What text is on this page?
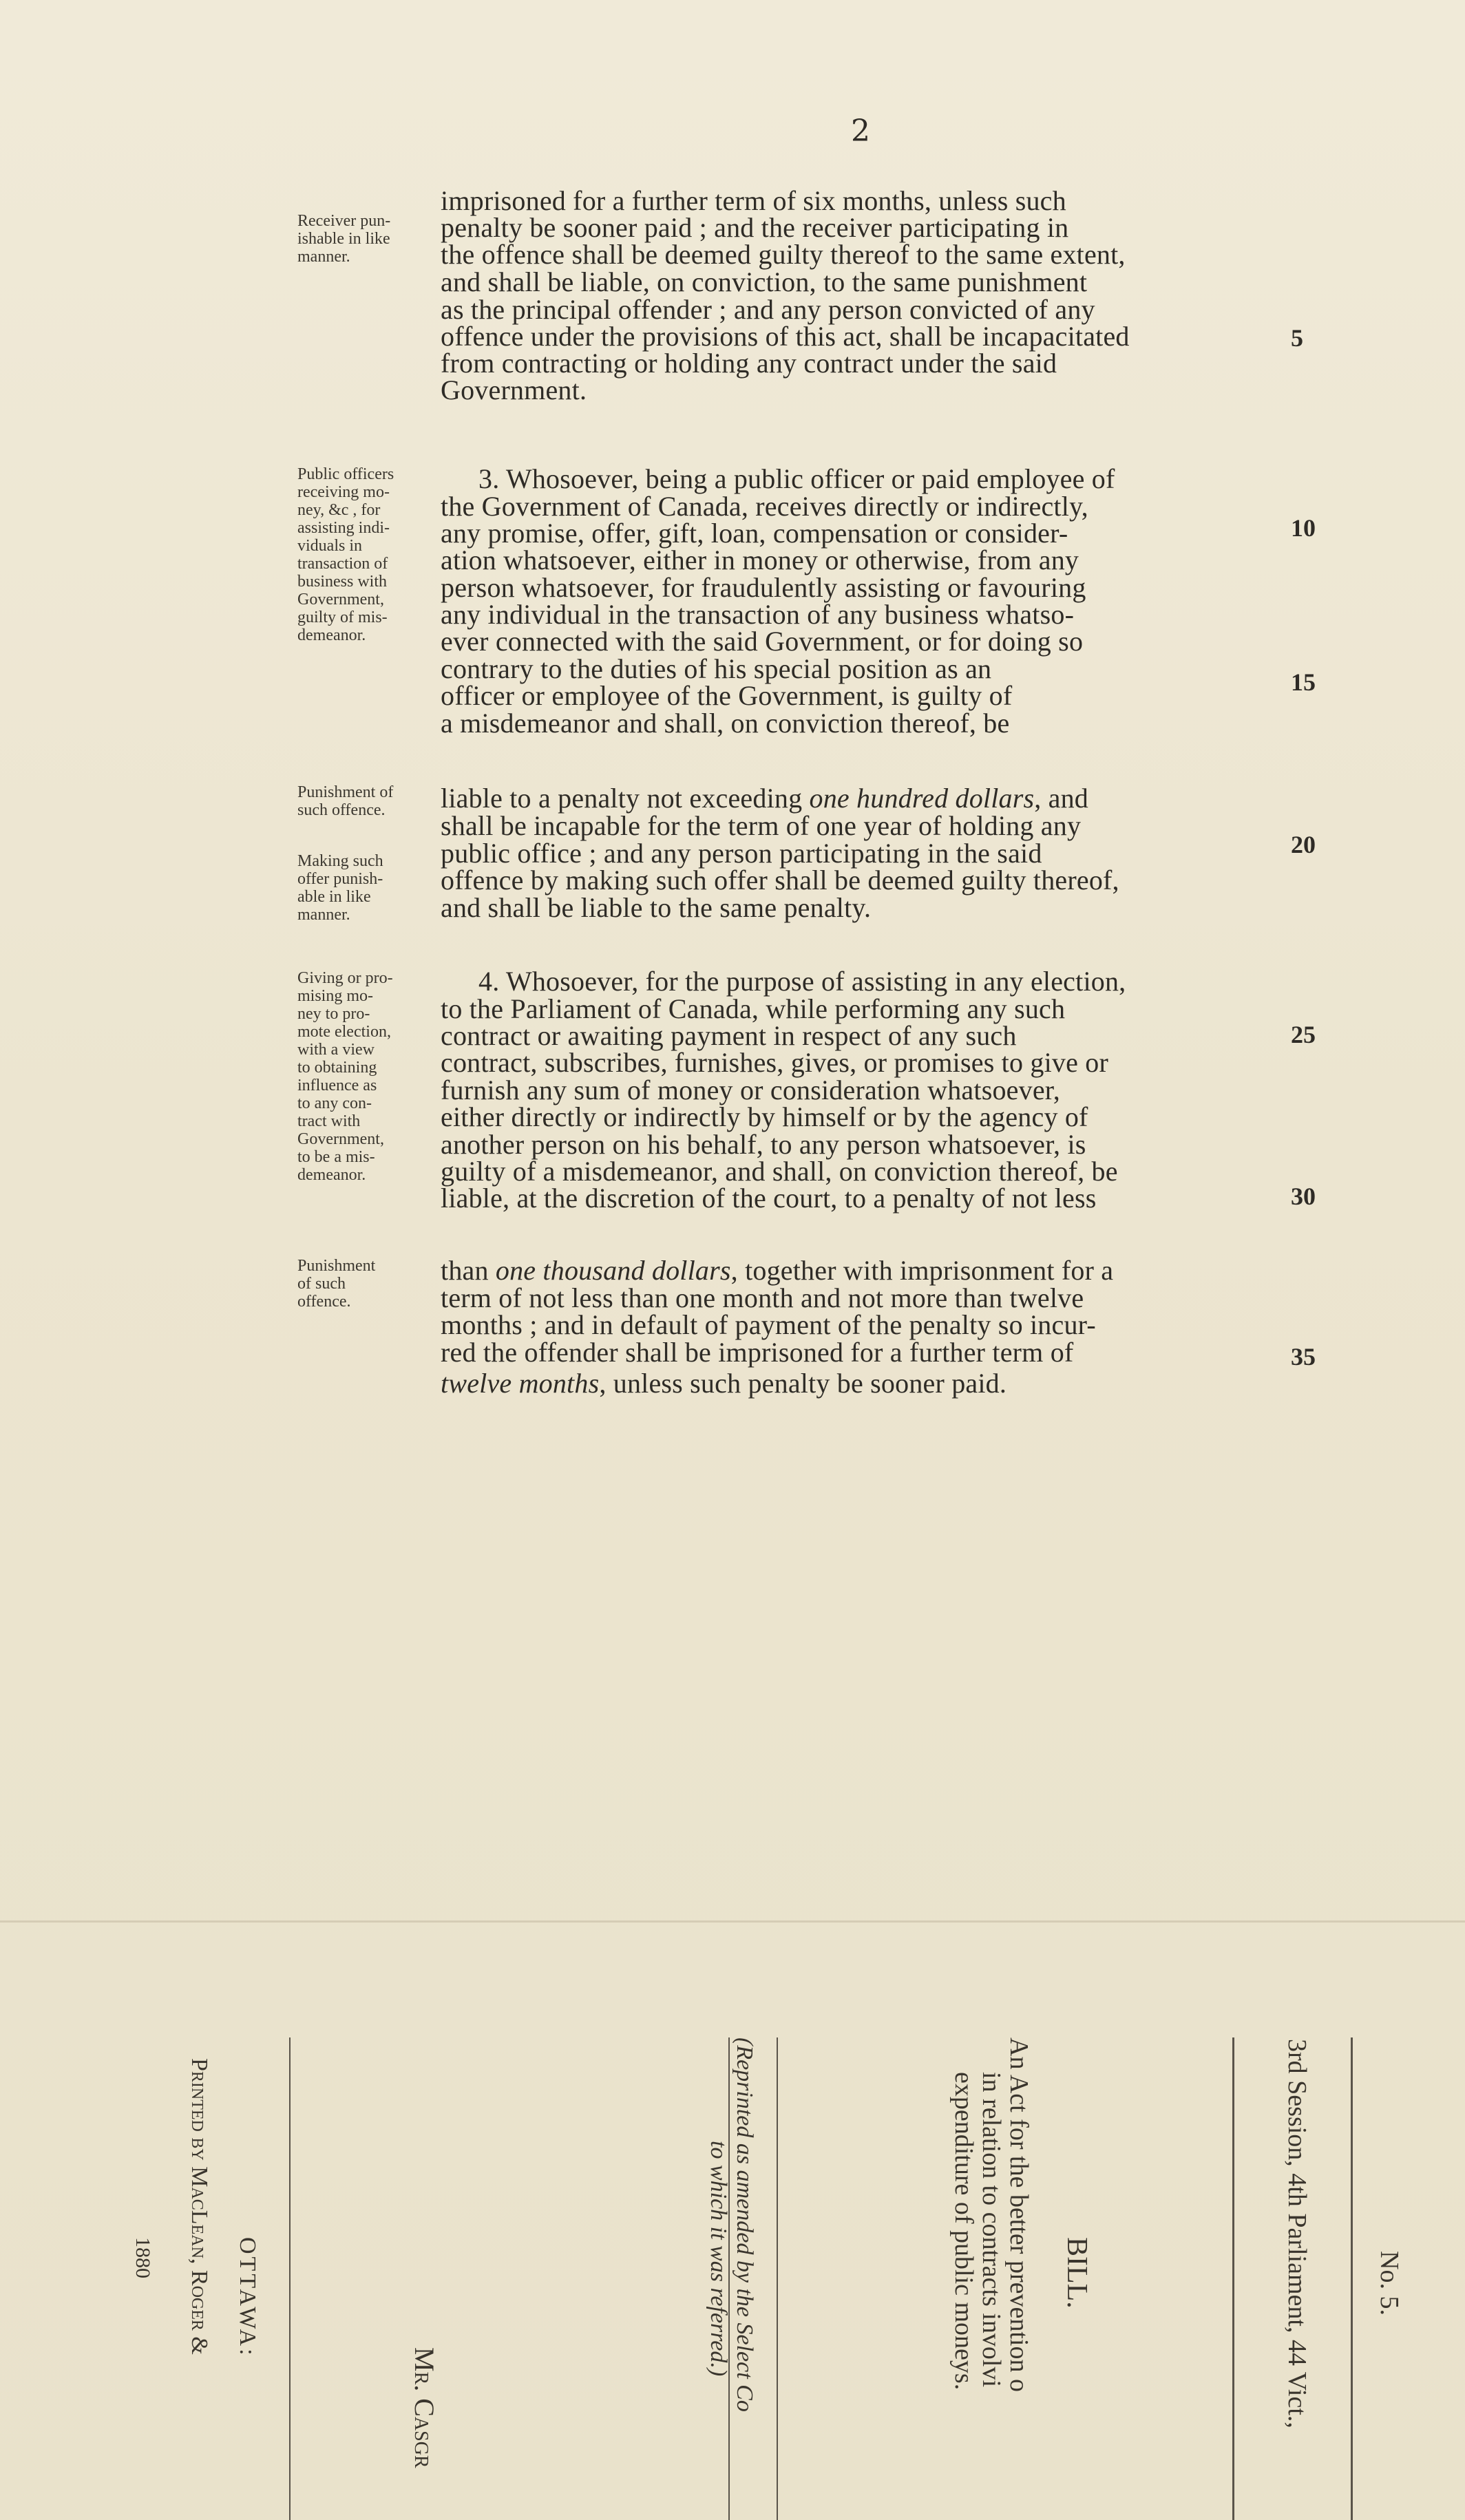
2
Receiver pun-
ishable in like
manner.
Public officers
receiving mo-
ney, &c , for
assisting indi-
viduals in
transaction of
business with
Government,
guilty of mis-
demeanor.
Punishment of
such offence.
Making such
offer punish-
able in like
manner.
Giving or pro-
mising mo-
ney to pro-
mote election,
with a view
to obtaining
influence as
to any con-
tract with
Government,
to be a mis-
demeanor.
Punishment
of such
offence.
imprisoned for a further term of six months, unless such
penalty be sooner paid ; and the receiver participating in
the offence shall be deemed guilty thereof to the same extent,
and shall be liable, on conviction, to the same punishment
as the principal offender ; and any person convicted of any
offence under the provisions of this act, shall be incapacitated
from contracting or holding any contract under the said
Government.
3. Whosoever, being a public officer or paid employee of
the Government of Canada, receives directly or indirectly,
any promise, offer, gift, loan, compensation or consider-
ation whatsoever, either in money or otherwise, from any
person whatsoever, for fraudulently assisting or favouring
any individual in the transaction of any business whatso-
ever connected with the said Government, or for doing so
contrary to the duties of his special position as an
officer or employee of the Government, is guilty of
a misdemeanor and shall, on conviction thereof, be
liable to a penalty not exceeding one hundred dollars, and
shall be incapable for the term of one year of holding any
public office ; and any person participating in the said
offence by making such offer shall be deemed guilty thereof,
and shall be liable to the same penalty.
4. Whosoever, for the purpose of assisting in any election,
to the Parliament of Canada, while performing any such
contract or awaiting payment in respect of any such
contract, subscribes, furnishes, gives, or promises to give or
furnish any sum of money or consideration whatsoever,
either directly or indirectly by himself or by the agency of
another person on his behalf, to any person whatsoever, is
guilty of a misdemeanor, and shall, on conviction thereof, be
liable, at the discretion of the court, to a penalty of not less
than one thousand dollars, together with imprisonment for a
term of not less than one month and not more than twelve
months ; and in default of payment of the penalty so incur-
red the offender shall be imprisoned for a further term of
twelve months, unless such penalty be sooner paid.
5
10
15
20
25
30
35
No. 5.
3rd Session, 4th Parliament, 44 Vict.,
BILL.
An Act for the better prevention o
in relation to contracts involvi
expenditure of public moneys.
(Reprinted as amended by the Select Co
to which it was referred.)
Mr. Casgr
OTTAWA:
Printed by MacLean, Roger &
1880
